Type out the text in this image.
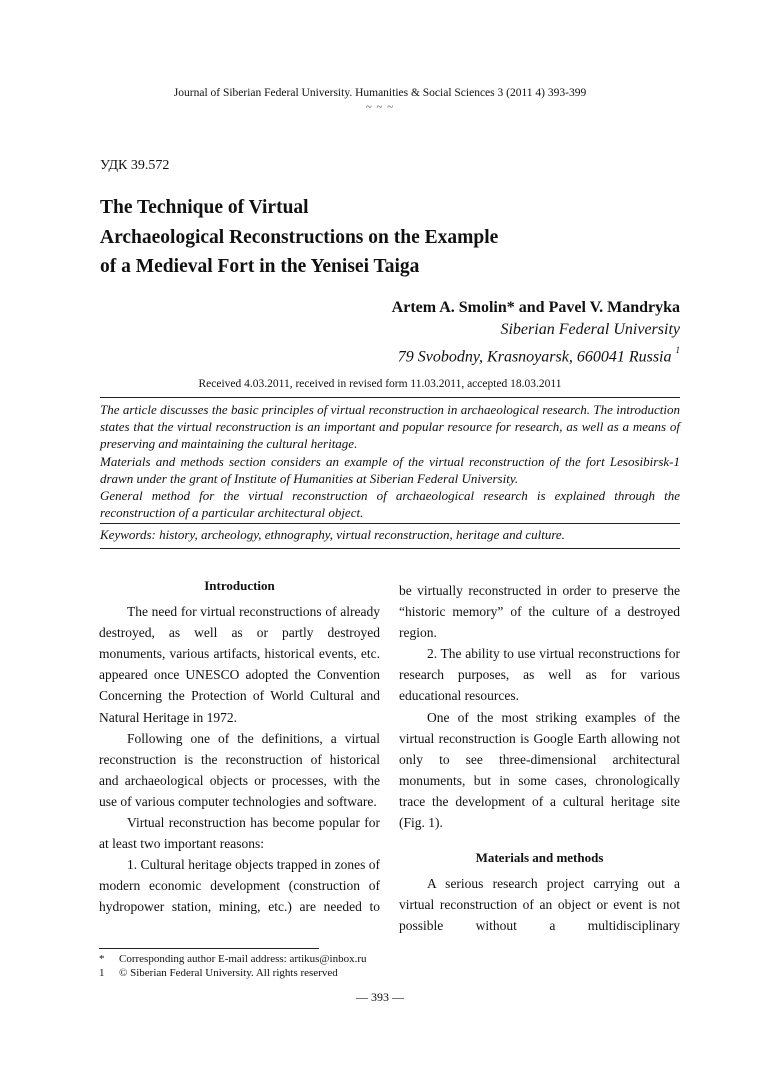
Journal of Siberian Federal University. Humanities & Social Sciences 3 (2011 4) 393-399
~ ~ ~
УДК 39.572
The Technique of Virtual
Archaeological Reconstructions on the Example
of a Medieval Fort in the Yenisei Taiga
Artem A. Smolin* and Pavel V. Mandryka
Siberian Federal University
79 Svobodny, Krasnoyarsk, 660041 Russia $^1$
Received 4.03.2011, received in revised form 11.03.2011, accepted 18.03.2011

The article discusses the basic principles of virtual reconstruction in archaeological research. The introduction states that the virtual reconstruction is an important and popular resource for research, as well as a means of preserving and maintaining the cultural heritage.

Materials and methods section considers an example of the virtual reconstruction of the fort Lesosibirsk-1 drawn under the grant of Institute of Humanities at Siberian Federal University.

General method for the virtual reconstruction of archaeological research is explained through the reconstruction of a particular architectural object.

Keywords: history, archeology, ethnography, virtual reconstruction, heritage and culture.

Introduction

The need for virtual reconstructions of already destroyed, as well as or partly destroyed monuments, various artifacts, historical events, etc. appeared once UNESCO adopted the Convention Concerning the Protection of World Cultural and Natural Heritage in 1972.

Following one of the definitions, a virtual reconstruction is the reconstruction of historical and archaeological objects or processes, with the use of various computer technologies and software.

Virtual reconstruction has become popular for at least two important reasons:

1. Cultural heritage objects trapped in zones of modern economic development (construction of hydropower station, mining, etc.) are needed to

be virtually reconstructed in order to preserve the “historic memory” of the culture of a destroyed region.

2. The ability to use virtual reconstructions for research purposes, as well as for various educational resources.

One of the most striking examples of the virtual reconstruction is Google Earth allowing not only to see three-dimensional architectural monuments, but in some cases, chronologically trace the development of a cultural heritage site (Fig. 1).

Materials and methods

A serious research project carrying out a virtual reconstruction of an object or event is not possible without a multidisciplinary

* Corresponding author E-mail address: artikus@inbox.ru
1 © Siberian Federal University. All rights reserved
— 393 —
